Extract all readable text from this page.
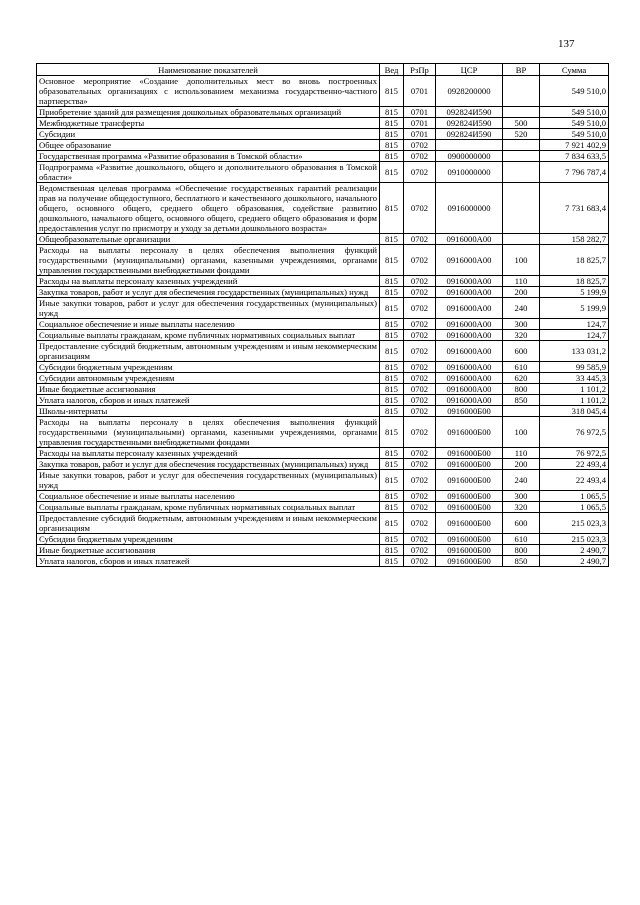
137
Наименование показателей	Вед	РзПр	ЦСР	ВР	Сумма
Основное мероприятие «Создание дополнительных мест во вновь построенных образовательных организациях с использованием механизма государственно-частного партнерства»	815	0701	0928200000		549 510,0
Приобретение зданий для размещения дошкольных образовательных организаций	815	0701	092824И590		549 510,0
Межбюджетные трансферты	815	0701	092824И590	500	549 510,0
Субсидии	815	0701	092824И590	520	549 510,0
Общее образование	815	0702			7 921 402,9
Государственная программа «Развитие образования в Томской области»	815	0702	0900000000		7 834 633,5
Подпрограмма «Развитие дошкольного, общего и дополнительного образования в Томской области»	815	0702	0910000000		7 796 787,4
Ведомственная целевая программа «Обеспечение государственных гарантий реализации прав на получение общедоступного, бесплатного и качественного дошкольного, начального общего, основного общего, среднего общего образования, содействие развитию дошкольного, начального общего, основного общего, среднего общего образования и форм предоставления услуг по присмотру и уходу за детьми дошкольного возраста»	815	0702	0916000000		7 731 683,4
Общеобразовательные организации	815	0702	0916000А00		158 282,7
Расходы на выплаты персоналу в целях обеспечения выполнения функций государственными (муниципальными) органами, казенными учреждениями, органами управления государственными внебюджетными фондами	815	0702	0916000А00	100	18 825,7
Расходы на выплаты персоналу казенных учреждений	815	0702	0916000А00	110	18 825,7
Закупка товаров, работ и услуг для обеспечения государственных (муниципальных) нужд	815	0702	0916000А00	200	5 199,9
Иные закупки товаров, работ и услуг для обеспечения государственных (муниципальных) нужд	815	0702	0916000А00	240	5 199,9
Социальное обеспечение и иные выплаты населению	815	0702	0916000А00	300	124,7
Социальные выплаты гражданам, кроме публичных нормативных социальных выплат	815	0702	0916000А00	320	124,7
Предоставление субсидий бюджетным, автономным учреждениям и иным некоммерческим организациям	815	0702	0916000А00	600	133 031,2
Субсидии бюджетным учреждениям	815	0702	0916000А00	610	99 585,9
Субсидии автономным учреждениям	815	0702	0916000А00	620	33 445,3
Иные бюджетные ассигнования	815	0702	0916000А00	800	1 101,2
Уплата налогов, сборов и иных платежей	815	0702	0916000А00	850	1 101,2
Школы-интернаты	815	0702	0916000Б00		318 045,4
Расходы на выплаты персоналу в целях обеспечения выполнения функций государственными (муниципальными) органами, казенными учреждениями, органами управления государственными внебюджетными фондами	815	0702	0916000Б00	100	76 972,5
Расходы на выплаты персоналу казенных учреждений	815	0702	0916000Б00	110	76 972,5
Закупка товаров, работ и услуг для обеспечения государственных (муниципальных) нужд	815	0702	0916000Б00	200	22 493,4
Иные закупки товаров, работ и услуг для обеспечения государственных (муниципальных) нужд	815	0702	0916000Б00	240	22 493,4
Социальное обеспечение и иные выплаты населению	815	0702	0916000Б00	300	1 065,5
Социальные выплаты гражданам, кроме публичных нормативных социальных выплат	815	0702	0916000Б00	320	1 065,5
Предоставление субсидий бюджетным, автономным учреждениям и иным некоммерческим организациям	815	0702	0916000Б00	600	215 023,3
Субсидии бюджетным учреждениям	815	0702	0916000Б00	610	215 023,3
Иные бюджетные ассигнования	815	0702	0916000Б00	800	2 490,7
Уплата налогов, сборов и иных платежей	815	0702	0916000Б00	850	2 490,7
